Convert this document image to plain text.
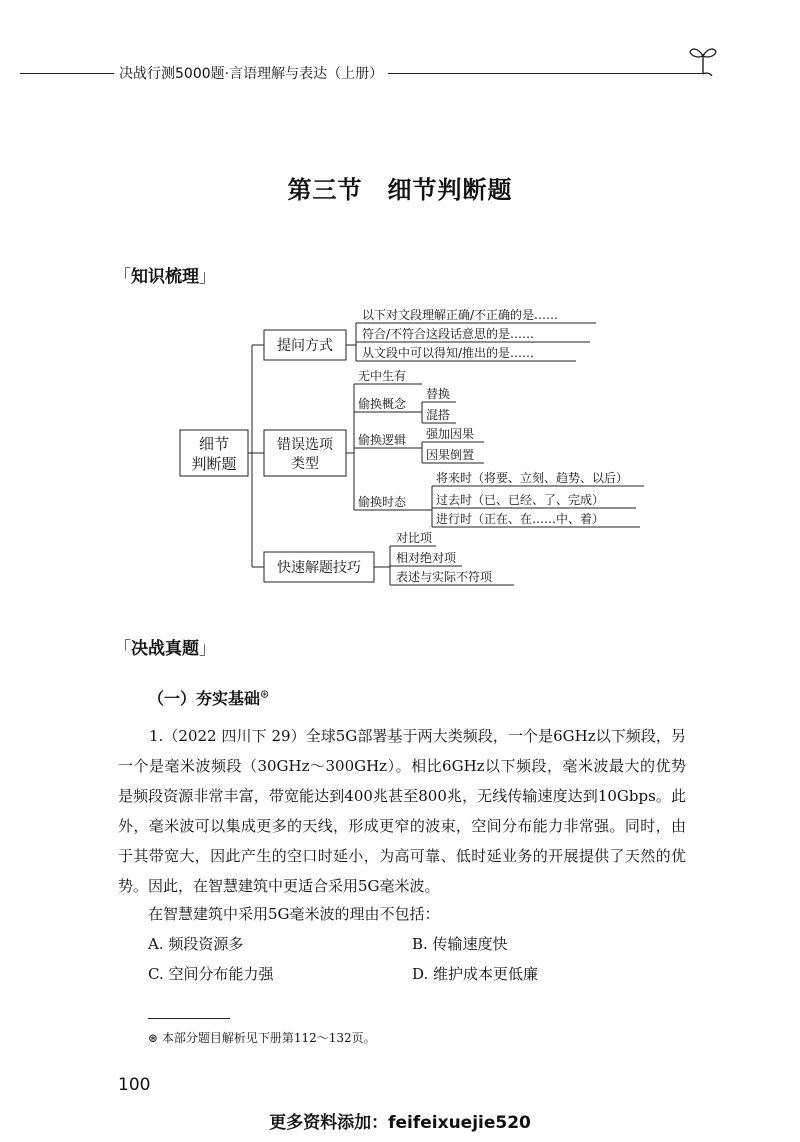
决战行测5000题·言语理解与表达（上册）
第三节　细节判断题
「知识梳理」
细节
判断题
提问方式
错误选项
类型
快速解题技巧
以下对文段理解正确/不正确的是……
符合/不符合这段话意思的是……
从文段中可以得知/推出的是……
无中生有
偷换概念
替换
混搭
偷换逻辑 强加因果
因果倒置
偷换时态
将来时（将要、立刻、趋势、以后）
过去时（已、已经、了、完成）
进行时（正在、在……中、着）
对比项
相对绝对项
表述与实际不符项
「决战真题」
（一）夯实基础⊛
1.（2022 四川下 29）全球5G部署基于两大类频段，一个是6GHz以下频段，另一个是毫米波频段（30GHz～300GHz）。相比6GHz以下频段，毫米波最大的优势是频段资源非常丰富，带宽能达到400兆甚至800兆，无线传输速度达到10Gbps。此外，毫米波可以集成更多的天线，形成更窄的波束，空间分布能力非常强。同时，由于其带宽大，因此产生的空口时延小，为高可靠、低时延业务的开展提供了天然的优势。因此，在智慧建筑中更适合采用5G毫米波。
在智慧建筑中采用5G毫米波的理由不包括：
A. 频段资源多	B. 传输速度快
C. 空间分布能力强	D. 维护成本更低廉
⊛ 本部分题目解析见下册第112～132页。
100
更多资料添加：feifeixuejie520
